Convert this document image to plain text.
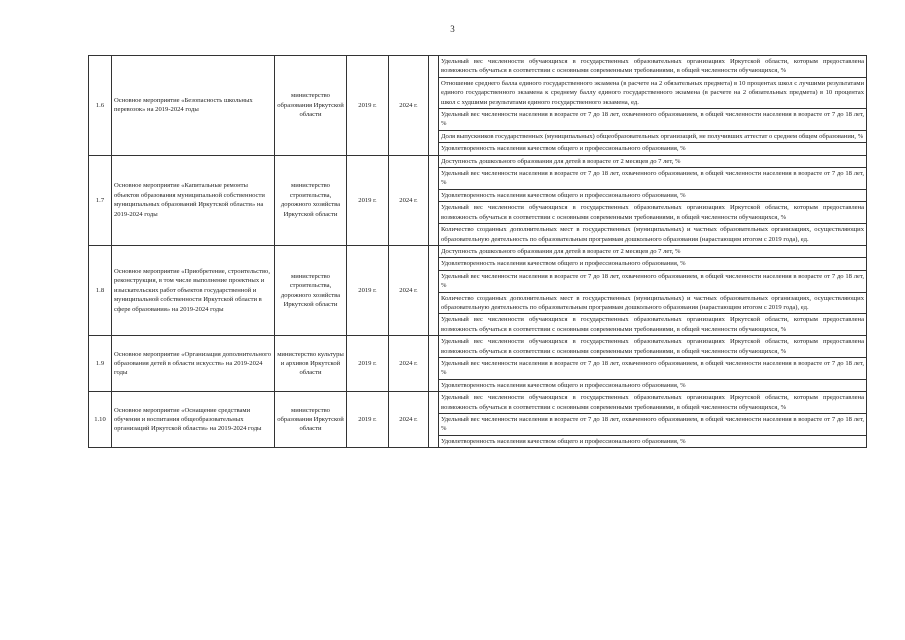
3
1.6	Основное мероприятие «Безопасность школьных перевозок» на 2019-2024 годы	министерство образования Иркутской области	2019 г.	2024 г.		Удельный вес численности обучающихся в государственных образовательных организациях Иркутской области, которым предоставлена возможность обучаться в соответствии с основными современными требованиями, в общей численности обучающихся, %
						Отношение среднего балла единого государственного экзамена (в расчете на 2 обязательных предмета) в 10 процентах школ с лучшими результатами единого государственного экзамена к среднему баллу единого государственного экзамена (в расчете на 2 обязательных предмета) в 10 процентах школ с худшими результатами единого государственного экзамена, ед.
						Удельный вес численности населения в возрасте от 7 до 18 лет, охваченного образованием, в общей численности населения в возрасте от 7 до 18 лет, %
						Доля выпускников государственных (муниципальных) общеобразовательных организаций, не получивших аттестат о среднем общем образовании, %
						Удовлетворенность населения качеством общего и профессионального образования, %
1.7	Основное мероприятие «Капитальные ремонты объектов образования муниципальной собственности муниципальных образований Иркутской области» на 2019-2024 годы	министерство строительства, дорожного хозяйства Иркутской области	2019 г.	2024 г.		Доступность дошкольного образования для детей в возрасте от 2 месяцев до 7 лет, %
						Удельный вес численности населения в возрасте от 7 до 18 лет, охваченного образованием, в общей численности населения в возрасте от 7 до 18 лет, %
						Удовлетворенность населения качеством общего и профессионального образования, %
						Удельный вес численности обучающихся в государственных образовательных организациях Иркутской области, которым предоставлена возможность обучаться в соответствии с основными современными требованиями, в общей численности обучающихся, %
						Количество созданных дополнительных мест в государственных (муниципальных) и частных образовательных организациях, осуществляющих образовательную деятельность по образовательным программам дошкольного образования (нарастающим итогом с 2019 года), ед.
1.8	Основное мероприятие «Приобретение, строительство, реконструкция, в том числе выполнение проектных и изыскательских работ объектов государственной и муниципальной собственности Иркутской области в сфере образования» на 2019-2024 годы	министерство строительства, дорожного хозяйства Иркутской области	2019 г.	2024 г.		Доступность дошкольного образования для детей в возрасте от 2 месяцев до 7 лет, %
						Удовлетворенность населения качеством общего и профессионального образования, %
						Удельный вес численности населения в возрасте от 7 до 18 лет, охваченного образованием, в общей численности населения в возрасте от 7 до 18 лет, %
						Количество созданных дополнительных мест в государственных (муниципальных) и частных образовательных организациях, осуществляющих образовательную деятельность по образовательным программам дошкольного образования (нарастающим итогом с 2019 года), ед.
						Удельный вес численности обучающихся в государственных образовательных организациях Иркутской области, которым предоставлена возможность обучаться в соответствии с основными современными требованиями, в общей численности обучающихся, %
1.9	Основное мероприятие «Организация дополнительного образования детей в области искусств» на 2019-2024 годы	министерство культуры и архивов Иркутской области	2019 г.	2024 г.		Удельный вес численности обучающихся в государственных образовательных организациях Иркутской области, которым предоставлена возможность обучаться в соответствии с основными современными требованиями, в общей численности обучающихся, %
						Удельный вес численности населения в возрасте от 7 до 18 лет, охваченного образованием, в общей численности населения в возрасте от 7 до 18 лет, %
						Удовлетворенность населения качеством общего и профессионального образования, %
1.10	Основное мероприятие «Оснащение средствами обучения и воспитания общеобразовательных организаций Иркутской области» на 2019-2024 годы	министерство образования Иркутской области	2019 г.	2024 г.		Удельный вес численности обучающихся в государственных образовательных организациях Иркутской области, которым предоставлена возможность обучаться в соответствии с основными современными требованиями, в общей численности обучающихся, %
						Удельный вес численности населения в возрасте от 7 до 18 лет, охваченного образованием, в общей численности населения в возрасте от 7 до 18 лет, %
						Удовлетворенность населения качеством общего и профессионального образования, %
